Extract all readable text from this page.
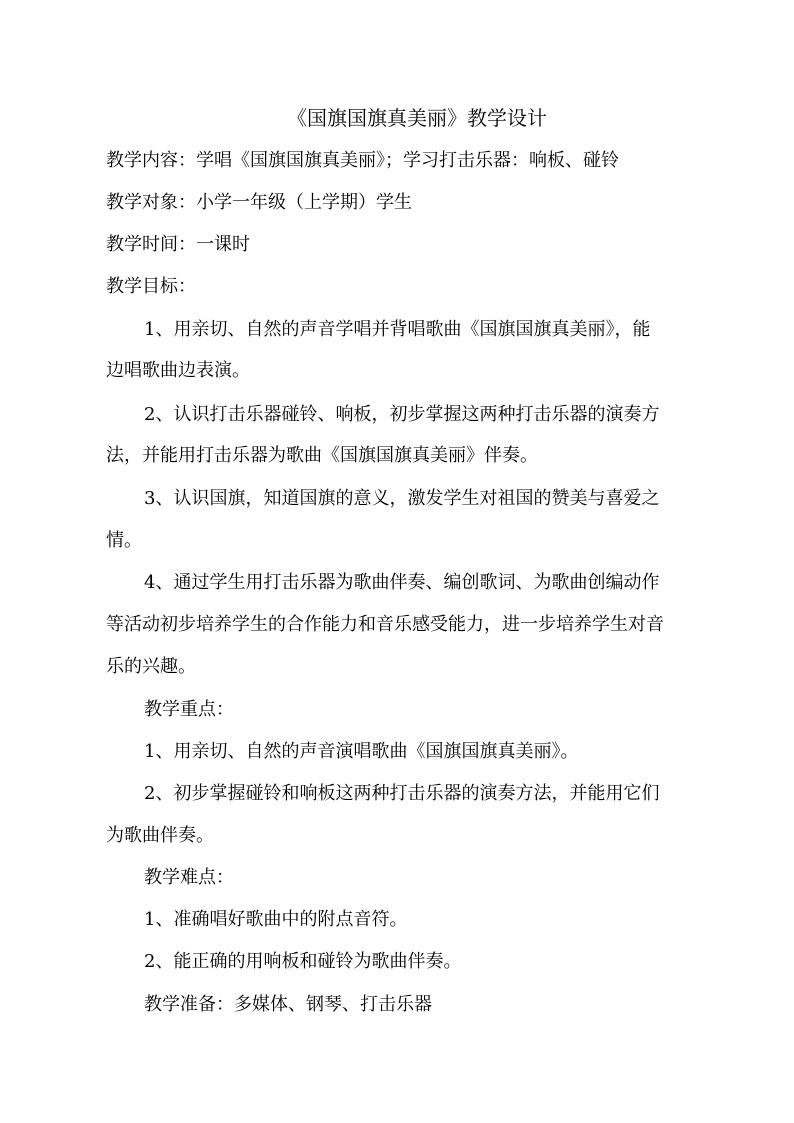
《国旗国旗真美丽》教学设计
教学内容：学唱《国旗国旗真美丽》；学习打击乐器：响板、碰铃
教学对象：小学一年级（上学期）学生
教学时间：一课时
教学目标：
1、用亲切、自然的声音学唱并背唱歌曲《国旗国旗真美丽》，能
边唱歌曲边表演。
2、认识打击乐器碰铃、响板，初步掌握这两种打击乐器的演奏方
法，并能用打击乐器为歌曲《国旗国旗真美丽》伴奏。
3、认识国旗，知道国旗的意义，激发学生对祖国的赞美与喜爱之
情。
4、通过学生用打击乐器为歌曲伴奏、编创歌词、为歌曲创编动作
等活动初步培养学生的合作能力和音乐感受能力，进一步培养学生对音
乐的兴趣。
教学重点：
1、用亲切、自然的声音演唱歌曲《国旗国旗真美丽》。
2、初步掌握碰铃和响板这两种打击乐器的演奏方法，并能用它们
为歌曲伴奏。
教学难点：
1、准确唱好歌曲中的附点音符。
2、能正确的用响板和碰铃为歌曲伴奏。
教学准备：多媒体、钢琴、打击乐器
